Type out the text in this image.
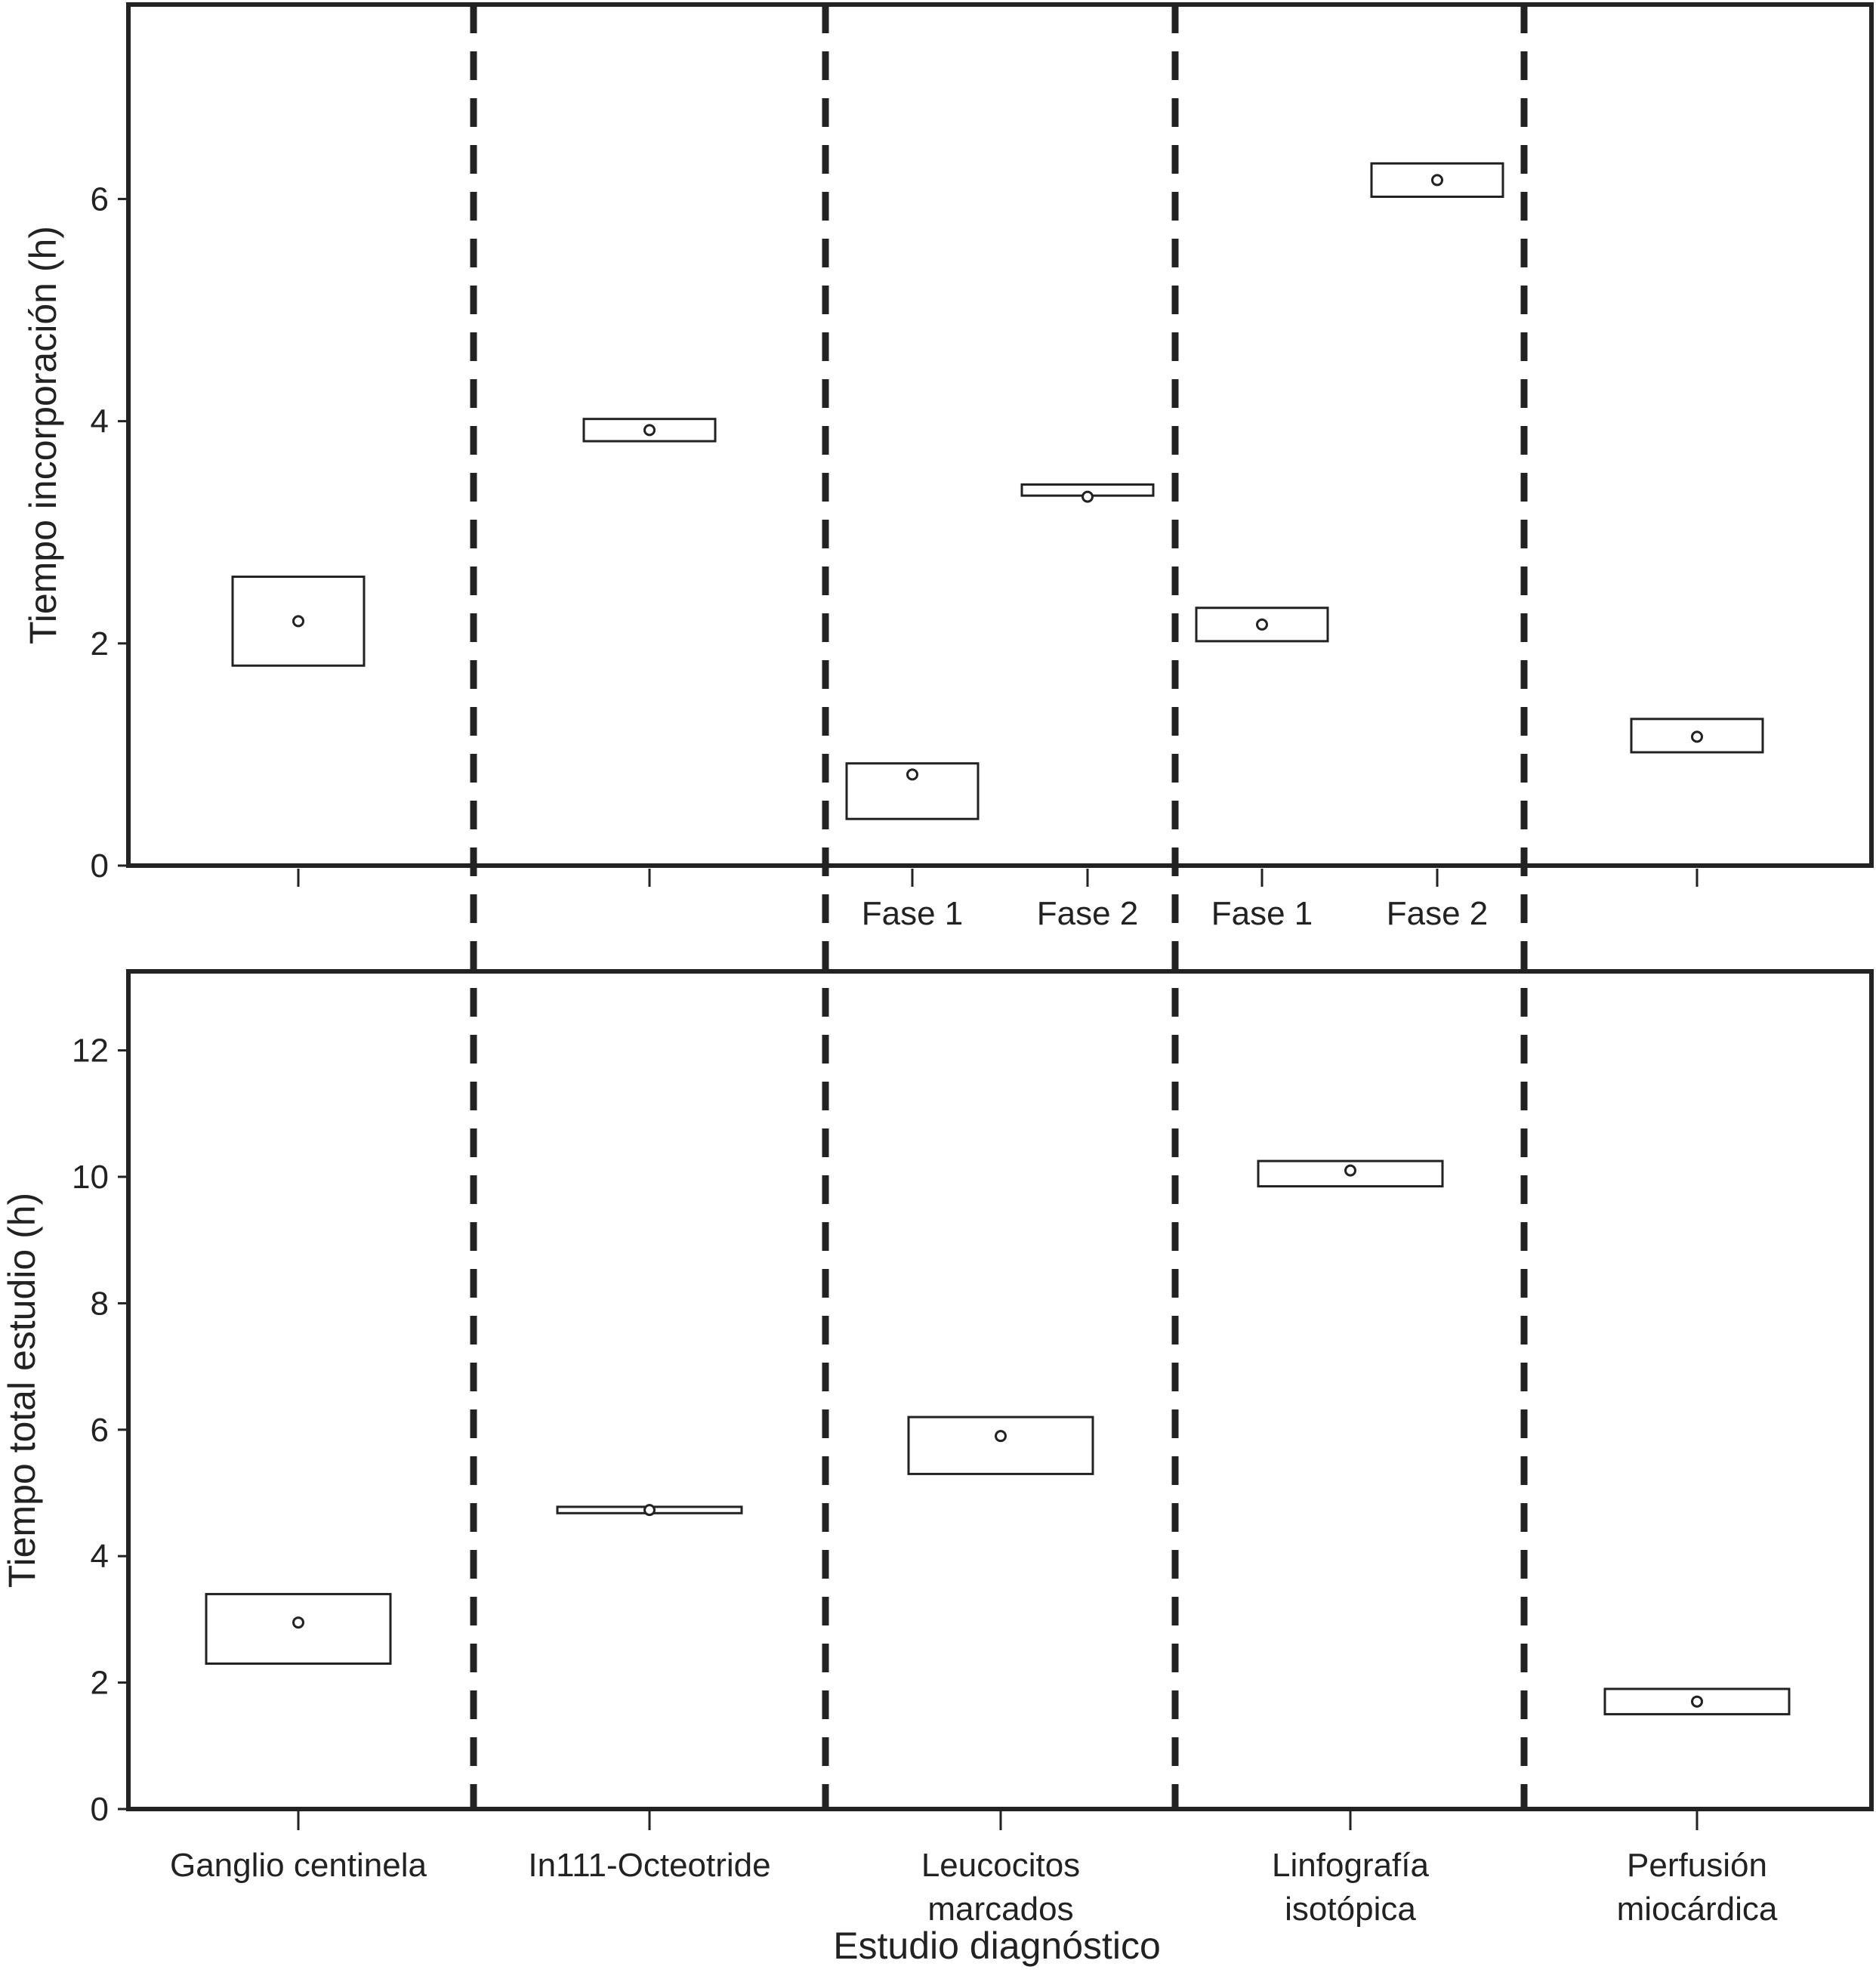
0
2
4
6
Tiempo incorporación (h)
Fase 1 Fase 2 Fase 1 Fase 2
0
2
4
6
8
10
12
Tiempo total estudio (h)
Ganglio centinela	In111-Octeotride	Leucocitos
marcados
Linfografía
isotópica
Perfusión
miocárdica
Estudio diagnóstico
